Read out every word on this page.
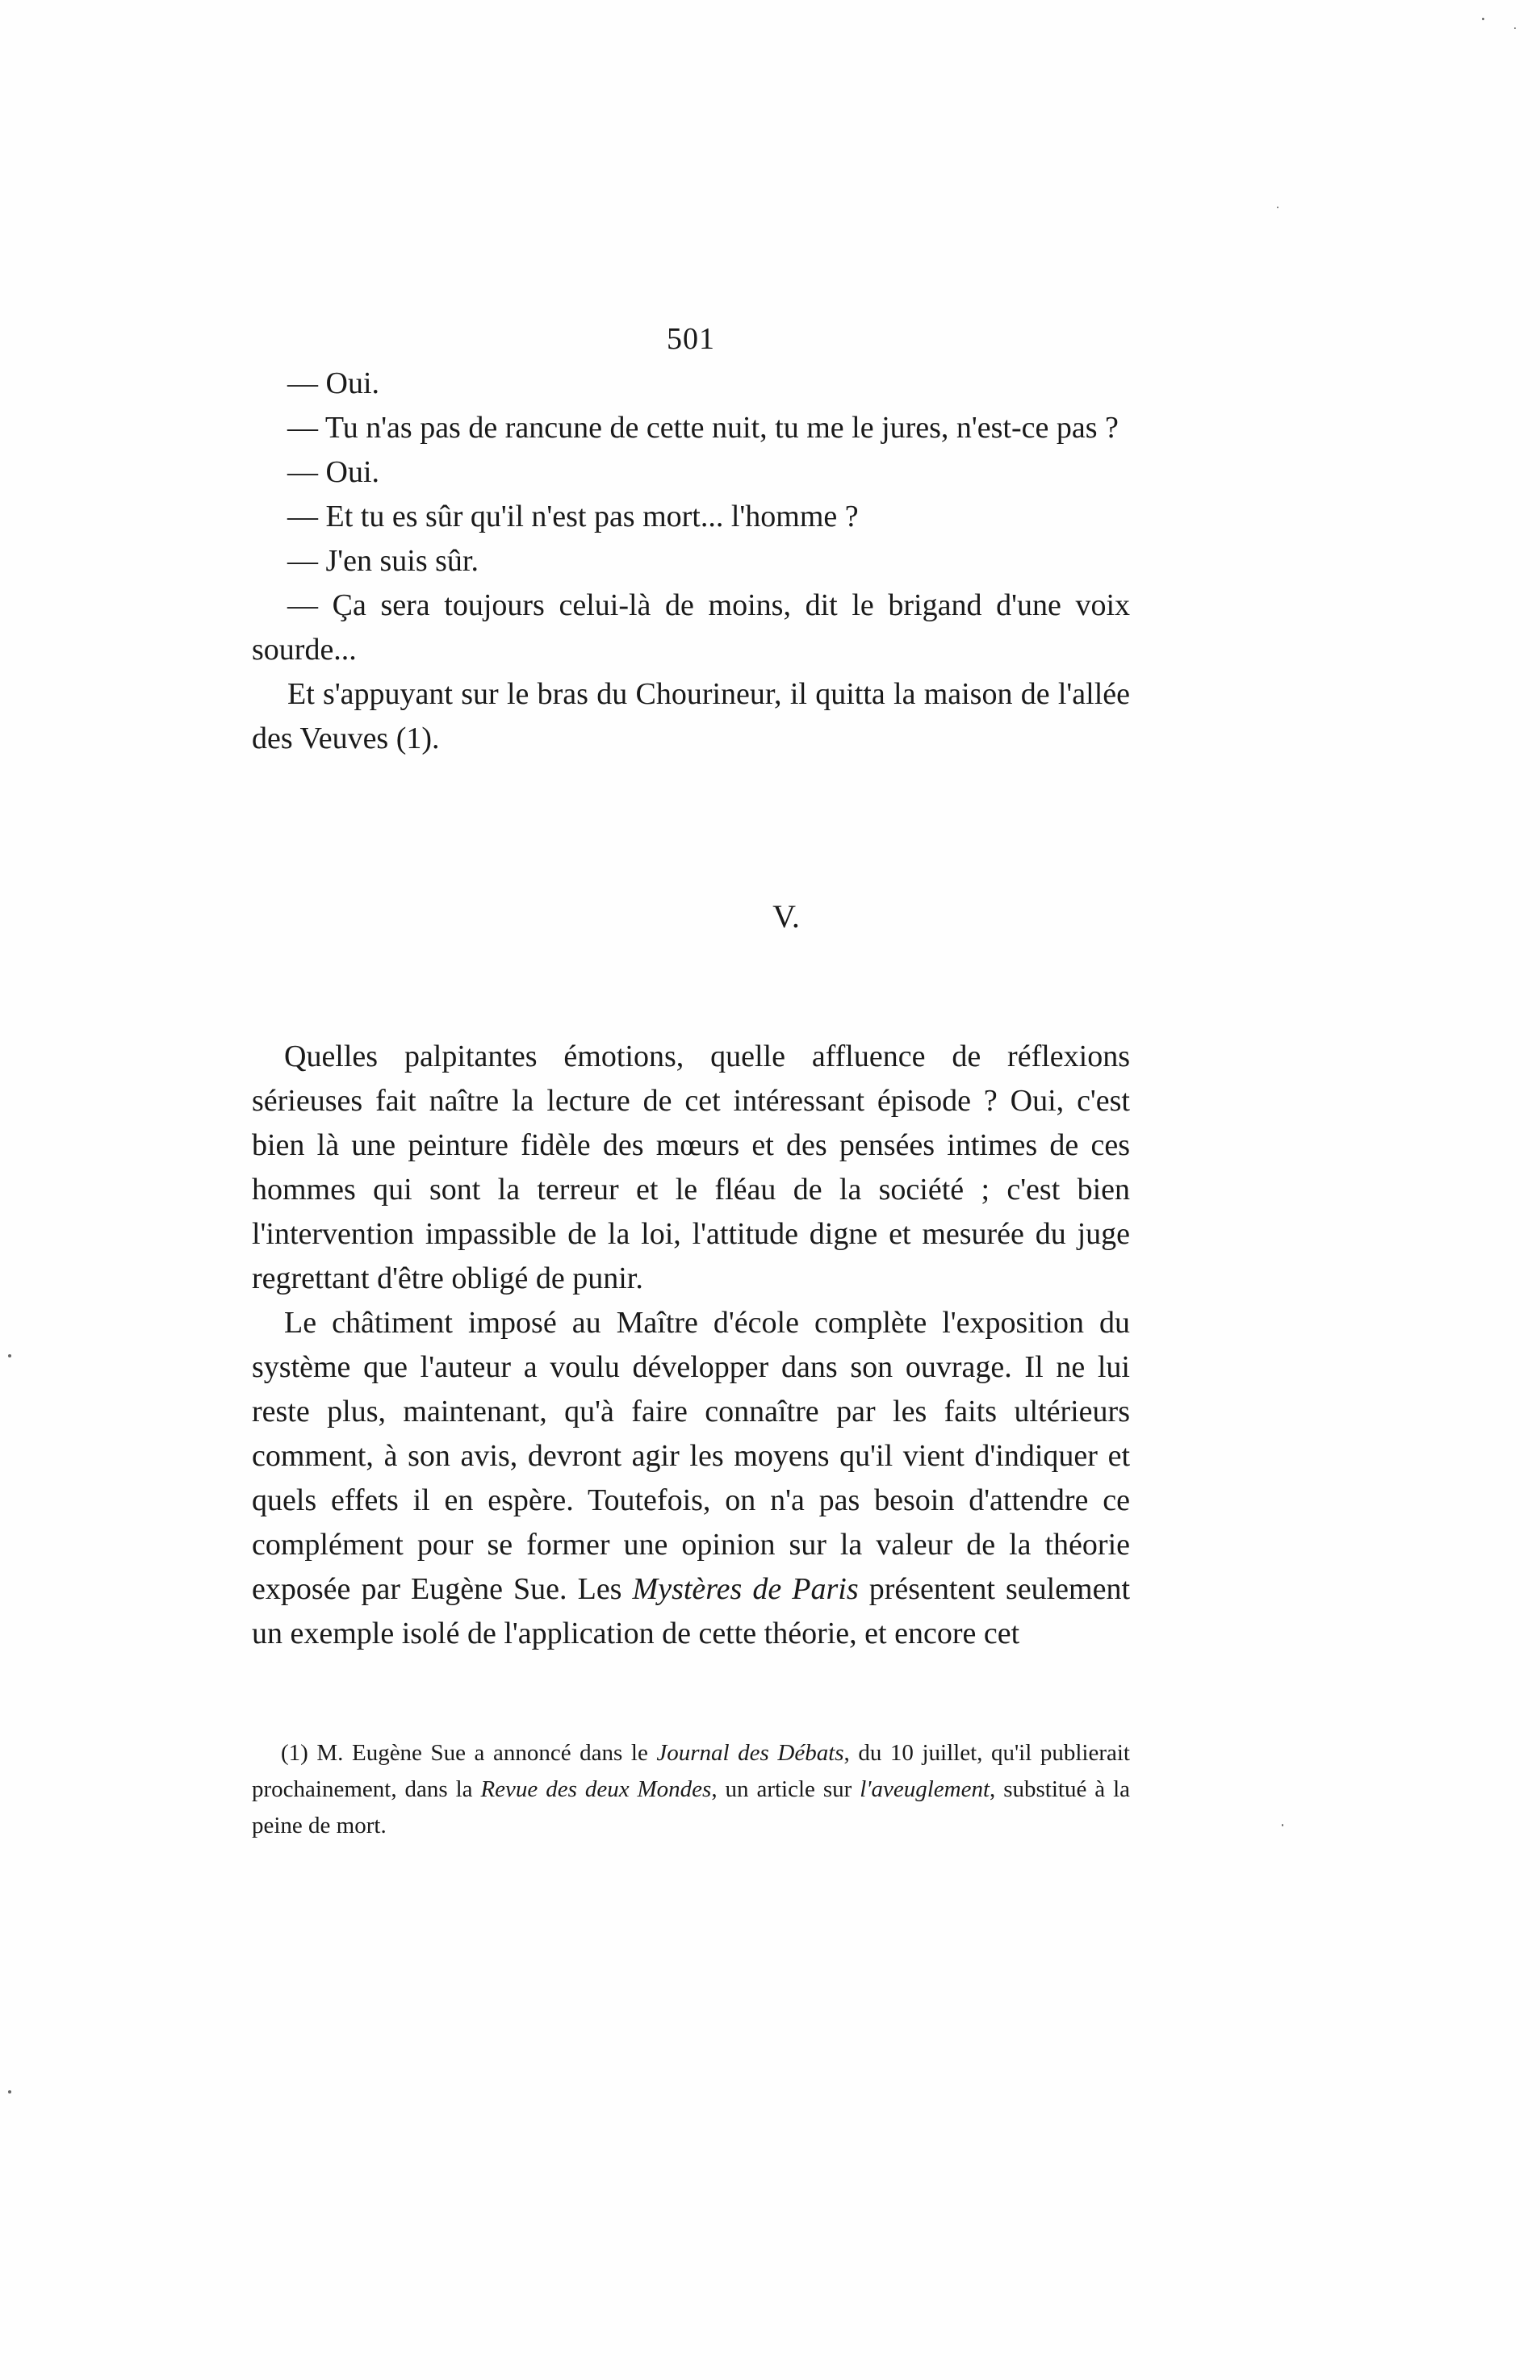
501

— Oui.

— Tu n'as pas de rancune de cette nuit, tu me le jures, n'est-ce pas ?

— Oui.

— Et tu es sûr qu'il n'est pas mort... l'homme ?

— J'en suis sûr.

— Ça sera toujours celui-là de moins, dit le brigand d'une voix sourde...

Et s'appuyant sur le bras du Chourineur, il quitta la maison de l'allée des Veuves (1).

V.

Quelles palpitantes émotions, quelle affluence de réflexions sérieuses fait naître la lecture de cet intéressant épisode ? Oui, c'est bien là une peinture fidèle des mœurs et des pensées intimes de ces hommes qui sont la terreur et le fléau de la société ; c'est bien l'intervention impassible de la loi, l'attitude digne et mesurée du juge regrettant d'être obligé de punir.

Le châtiment imposé au Maître d'école complète l'exposition du système que l'auteur a voulu développer dans son ouvrage. Il ne lui reste plus, maintenant, qu'à faire connaître par les faits ultérieurs comment, à son avis, devront agir les moyens qu'il vient d'indiquer et quels effets il en espère. Toutefois, on n'a pas besoin d'attendre ce complément pour se former une opinion sur la valeur de la théorie exposée par Eugène Sue. Les Mystères de Paris présentent seulement un exemple isolé de l'application de cette théorie, et encore cet

(1) M. Eugène Sue a annoncé dans le Journal des Débats, du 10 juillet, qu'il publierait prochainement, dans la Revue des deux Mondes, un article sur l'aveuglement, substitué à la peine de mort.
